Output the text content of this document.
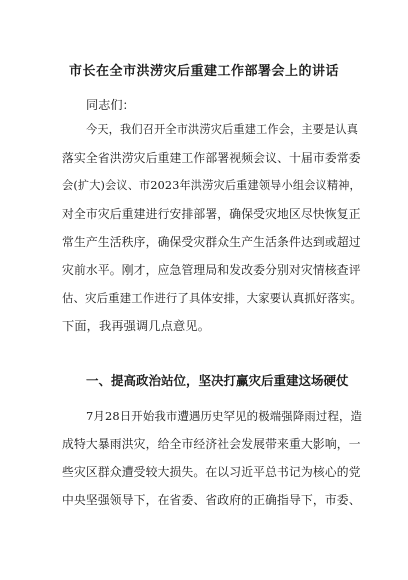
市长在全市洪涝灾后重建工作部署会上的讲话
同志们：
今天，我们召开全市洪涝灾后重建工作会，主要是认真
落实全省洪涝灾后重建工作部署视频会议、十届市委常委
会(扩大)会议、市2023年洪涝灾后重建领导小组会议精神，
对全市灾后重建进行安排部署，确保受灾地区尽快恢复正
常生产生活秩序，确保受灾群众生产生活条件达到或超过
灾前水平。刚才，应急管理局和发改委分别对灾情核查评
估、灾后重建工作进行了具体安排，大家要认真抓好落实。
下面，我再强调几点意见。
一、提高政治站位，坚决打赢灾后重建这场硬仗
7月28日开始我市遭遇历史罕见的极端强降雨过程，造
成特大暴雨洪灾，给全市经济社会发展带来重大影响，一
些灾区群众遭受较大损失。在以习近平总书记为核心的党
中央坚强领导下，在省委、省政府的正确指导下，市委、
